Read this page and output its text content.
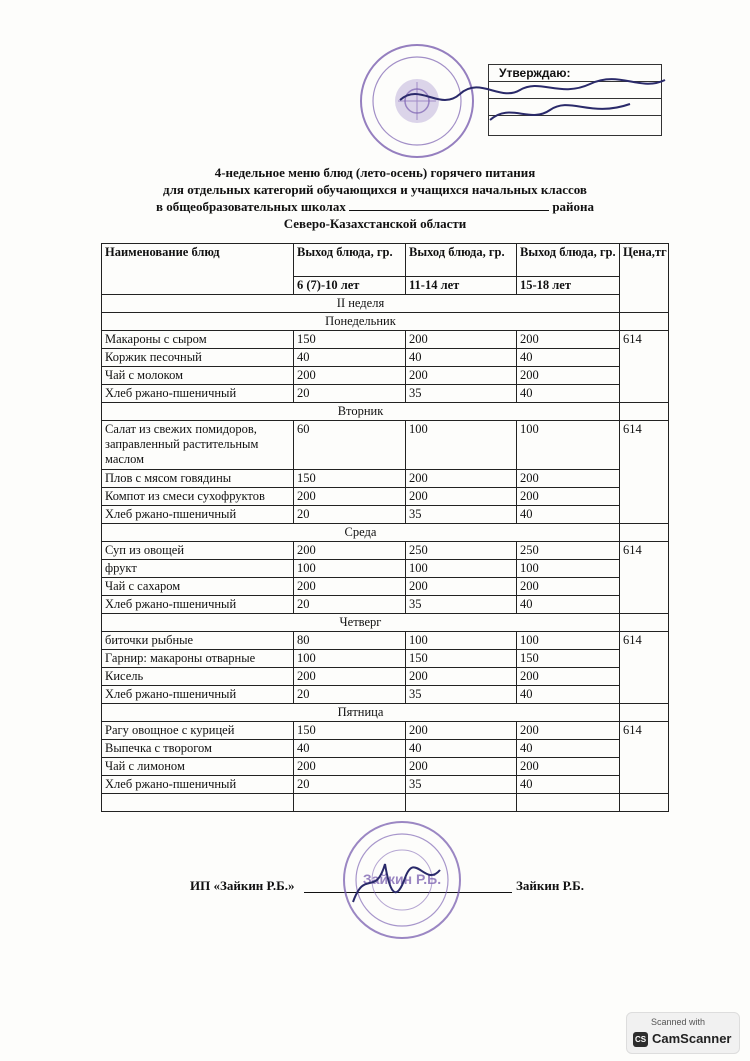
Утверждаю:
4-недельное меню блюд (лето-осень) горячего питания
для отдельных категорий обучающихся и учащихся начальных классов
в общеобразовательных школах	района
Северо-Казахстанской области
Наименование блюд	Выход блюда, гр.	Выход блюда, гр.	Выход блюда, гр.	Цена,тг
	6 (7)-10 лет	11-14 лет	15-18 лет	
II неделя				
Понедельник				
Макароны с сыром	150	200	200	614
Коржик песочный	40	40	40	
Чай с молоком	200	200	200	
Хлеб ржано-пшеничный	20	35	40	
Вторник				
Салат из свежих помидоров, заправленный растительным маслом	60	100	100	614
Плов с мясом говядины	150	200	200	
Компот из смеси сухофруктов	200	200	200	
Хлеб ржано-пшеничный	20	35	40	
Среда				
Суп из овощей	200	250	250	614
фрукт	100	100	100	
Чай с сахаром	200	200	200	
Хлеб ржано-пшеничный	20	35	40	
Четверг				
биточки рыбные	80	100	100	614
Гарнир: макароны отварные	100	150	150	
Кисель	200	200	200	
Хлеб ржано-пшеничный	20	35	40	
Пятница				
Рагу овощное с курицей	150	200	200	614
Выпечка с творогом	40	40	40	
Чай с лимоном	200	200	200	
Хлеб ржано-пшеничный	20	35	40	

ИП «Зайкин Р.Б.»	Зайкин Р.Б.
Зайкин Р.Б.
Scanned with
CS CamScanner
